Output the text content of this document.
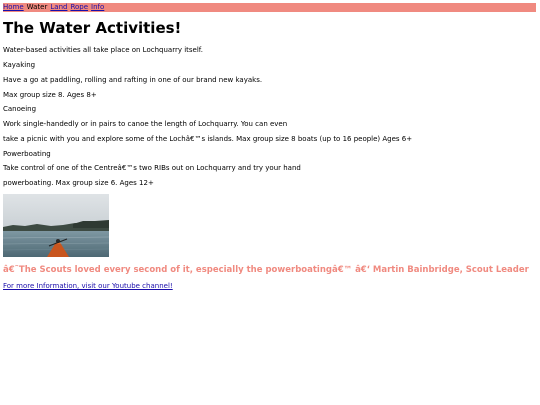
Home Water Land Rope Info
The Water Activities!

Water-based activities all take place on Lochquarry itself.

Kayaking

Have a go at paddling, rolling and rafting in one of our brand new kayaks.

Max group size 8. Ages 8+

Canoeing

Work single-handedly or in pairs to canoe the length of Lochquarry. You can even

take a picnic with you and explore some of the Lochâ€™s islands. Max group size 8 boats (up to 16 people) Ages 6+

Powerboating

Take control of one of the Centreâ€™s two RIBs out on Lochquarry and try your hand

powerboating. Max group size 6. Ages 12+

â€˜The Scouts loved every second of it, especially the powerboatingâ€™ â€‘ Martin Bainbridge, Scout Leader

For more Information, visit our Youtube channel!
